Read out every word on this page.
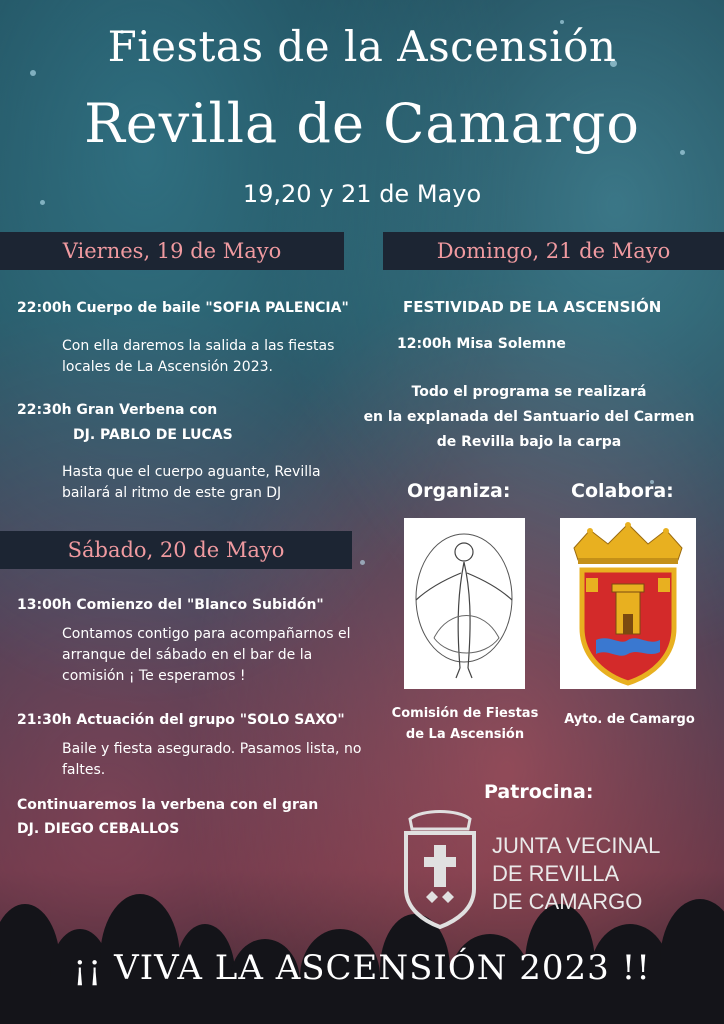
Fiestas de la Ascensión
Revilla de Camargo
19,20 y 21 de Mayo
Viernes, 19 de Mayo
22:00h Cuerpo de baile "SOFIA PALENCIA"
Con ella daremos la salida a las fiestas locales de La Ascensión 2023.
22:30h Gran Verbena con
DJ. PABLO DE LUCAS
Hasta que el cuerpo aguante, Revilla bailará al ritmo de este gran DJ
Sábado, 20 de Mayo
13:00h Comienzo del "Blanco Subidón"
Contamos contigo para acompañarnos el arranque del sábado en el bar de la comisión ¡ Te esperamos !
21:30h Actuación del grupo "SOLO SAXO"
Baile y fiesta asegurado. Pasamos lista, no faltes.
Continuaremos la verbena con el gran
DJ. DIEGO CEBALLOS
Domingo, 21 de Mayo
FESTIVIDAD DE LA ASCENSIÓN
12:00h Misa Solemne
Todo el programa se realizará
en la explanada del Santuario del Carmen
de Revilla bajo la carpa
Organiza:	Colabora:
Comisión de Fiestas
de La Ascensión
Ayto. de Camargo
Patrocina:
JUNTA VECINAL
DE REVILLA
DE CAMARGO
¡¡ VIVA LA ASCENSIÓN 2023 !!
